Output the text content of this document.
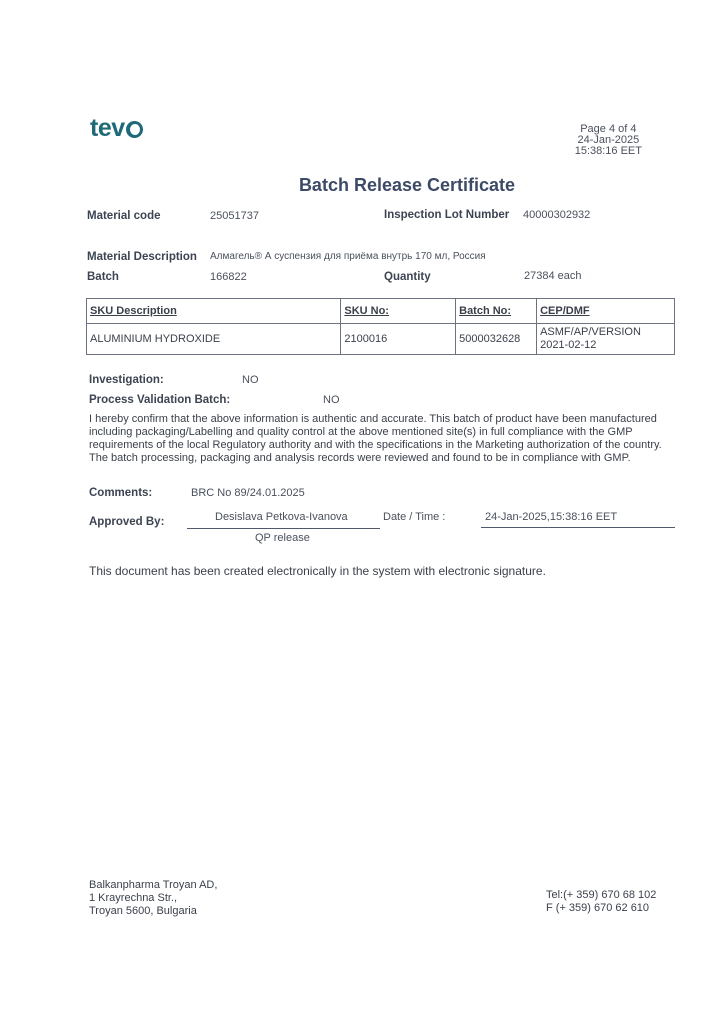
tev	Page 4 of 4
24-Jan-2025
15:38:16 EET
Batch Release Certificate
Material code	25051737	Inspection Lot Number 40000302932
Material Description Алмагель® А суспензия для приёма внутрь 170 мл, Россия
Batch	166822	Quantity	27384 each
SKU Description	SKU No:	Batch No:	CEP/DMF
ALUMINIUM HYDROXIDE	2100016	5000032628	ASMF/AP/VERSION
2021-02-12
Investigation:	NO
Process Validation Batch:	NO
I hereby confirm that the above information is authentic and accurate. This batch of product have been manufactured including packaging/Labelling and quality control at the above mentioned site(s) in full compliance with the GMP requirements of the local Regulatory authority and with the specifications in the Marketing authorization of the country. The batch processing, packaging and analysis records were reviewed and found to be in compliance with GMP.
Comments:	BRC No 89/24.01.2025
Approved By:	Desislava Petkova-Ivanova
QP release
Date / Time :	24-Jan-2025,15:38:16 EET
This document has been created electronically in the system with electronic signature.
Balkanpharma Troyan AD,
1 Krayrechna Str.,
Troyan 5600, Bulgaria
Tel:(+ 359) 670 68 102
F (+ 359) 670 62 610
